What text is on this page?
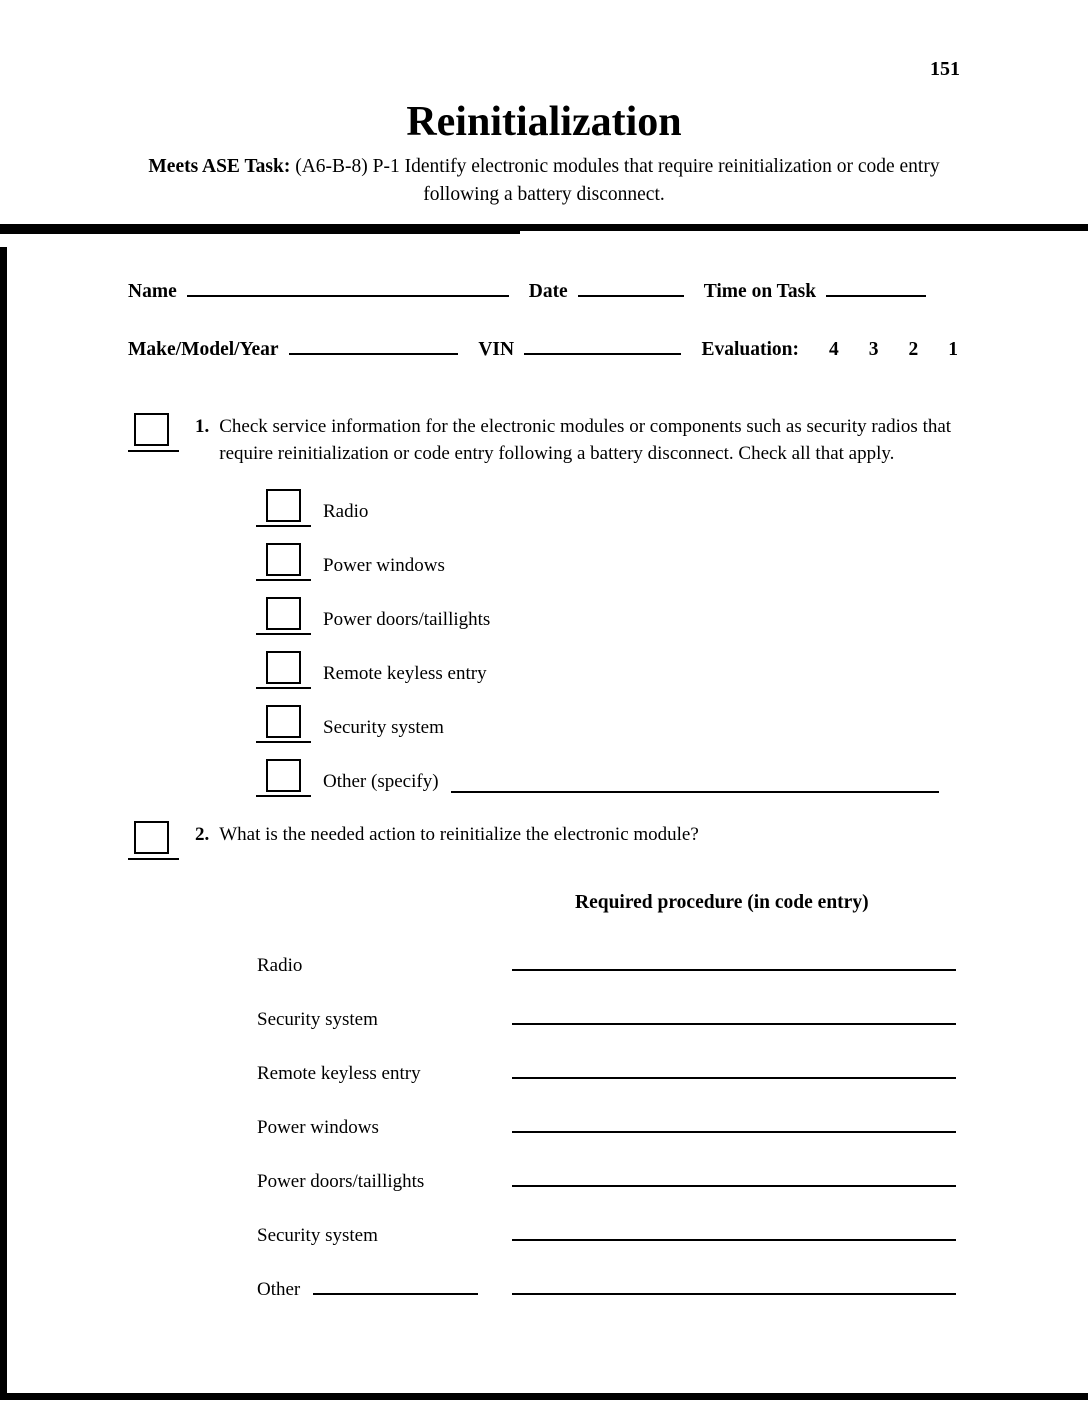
151
Reinitialization
Meets ASE Task: (A6-B-8) P-1 Identify electronic modules that require reinitialization or code entry following a battery disconnect.
Name	Date	Time on Task
Make/Model/Year	VIN	Evaluation: 4 3 2 1
1. Check service information for the electronic modules or components such as security radios that require reinitialization or code entry following a battery disconnect. Check all that apply.
Radio
Power windows
Power doors/taillights
Remote keyless entry
Security system
Other (specify)
2. What is the needed action to reinitialize the electronic module?
Required procedure (in code entry)
Radio
Security system
Remote keyless entry
Power windows
Power doors/taillights
Security system
Other
